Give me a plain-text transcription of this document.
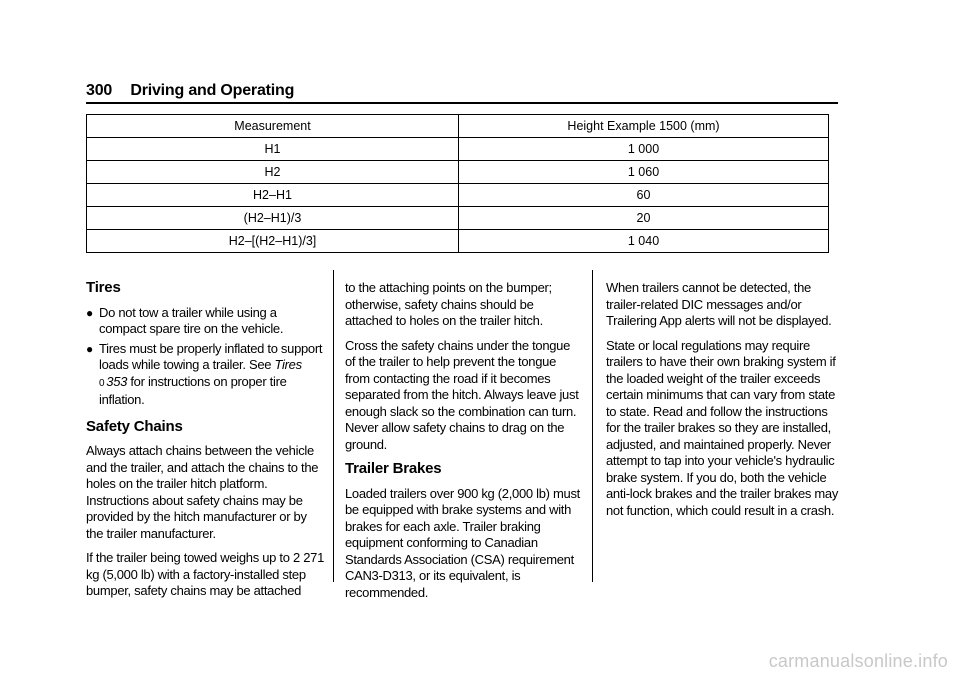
300 Driving and Operating
Measurement	Height Example 1500 (mm)
H1	1 000
H2	1 060
H2–H1	60
(H2–H1)/3	20
H2–[(H2–H1)/3]	1 040
Tires
● Do not tow a trailer while using a compact spare tire on the vehicle.
● Tires must be properly inflated to support loads while towing a trailer. See Tires
0 353 for instructions on proper tire inflation.
Safety Chains

Always attach chains between the vehicle and the trailer, and attach the chains to the holes on the trailer hitch platform. Instructions about safety chains may be provided by the hitch manufacturer or by the trailer manufacturer.

If the trailer being towed weighs up to 2 271 kg (5,000 lb) with a factory-installed step bumper, safety chains may be attached

to the attaching points on the bumper; otherwise, safety chains should be attached to holes on the trailer hitch.

Cross the safety chains under the tongue of the trailer to help prevent the tongue from contacting the road if it becomes separated from the hitch. Always leave just enough slack so the combination can turn. Never allow safety chains to drag on the ground.

Trailer Brakes

Loaded trailers over 900 kg (2,000 lb) must be equipped with brake systems and with brakes for each axle. Trailer braking equipment conforming to Canadian Standards Association (CSA) requirement CAN3-D313, or its equivalent, is recommended.

When trailers cannot be detected, the trailer-related DIC messages and/or Trailering App alerts will not be displayed.

State or local regulations may require trailers to have their own braking system if the loaded weight of the trailer exceeds certain minimums that can vary from state to state. Read and follow the instructions for the trailer brakes so they are installed, adjusted, and maintained properly. Never attempt to tap into your vehicle's hydraulic brake system. If you do, both the vehicle anti-lock brakes and the trailer brakes may not function, which could result in a crash.

carmanualsonline.info
